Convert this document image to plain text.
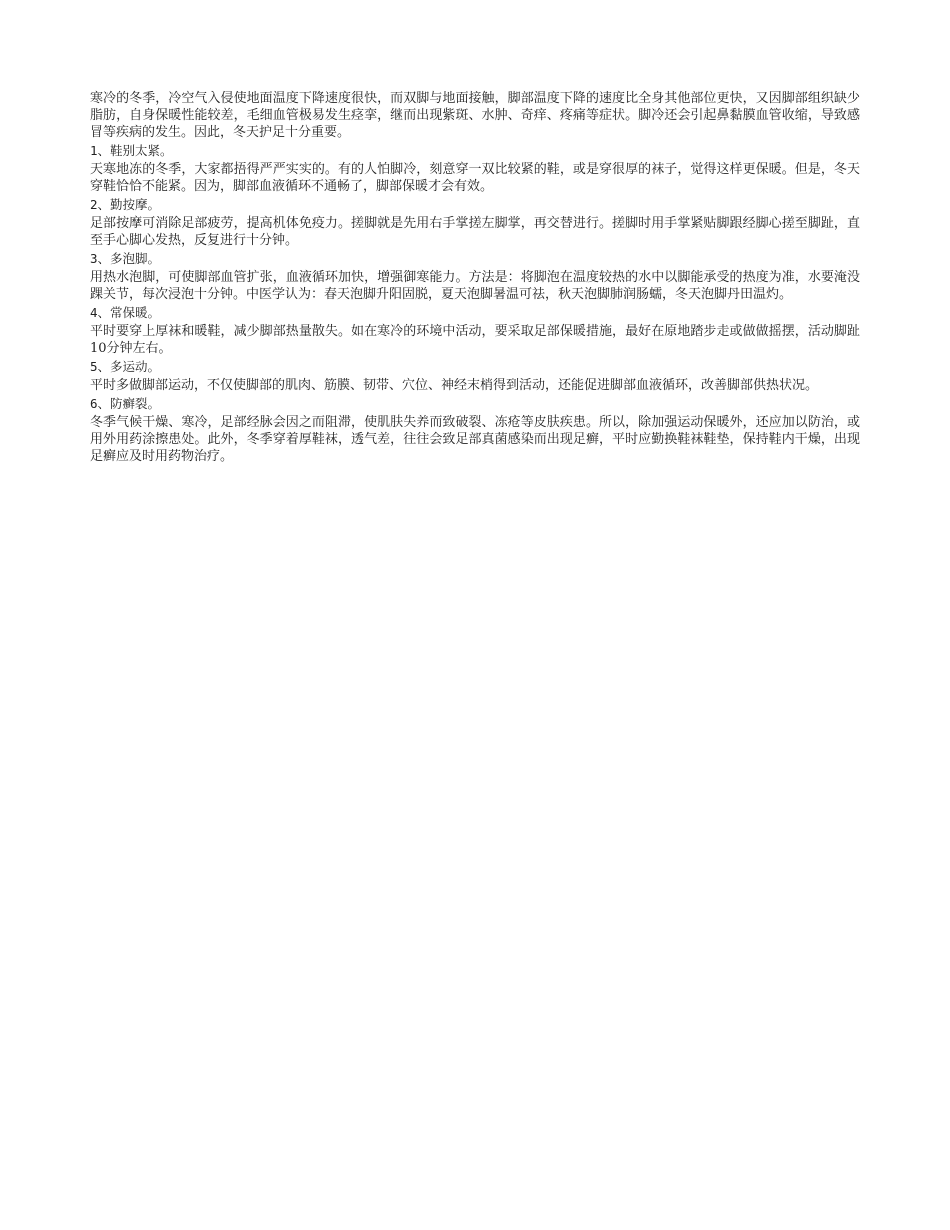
寒冷的冬季，冷空气入侵使地面温度下降速度很快，而双脚与地面接触，脚部温度下降的速度比全身其他部位更快，又因脚部组织缺少脂肪，自身保暖性能较差，毛细血管极易发生痉挛，继而出现紫斑、水肿、奇痒、疼痛等症状。脚冷还会引起鼻黏膜血管收缩，导致感冒等疾病的发生。因此，冬天护足十分重要。

1、鞋别太紧。

天寒地冻的冬季，大家都捂得严严实实的。有的人怕脚冷，刻意穿一双比较紧的鞋，或是穿很厚的袜子，觉得这样更保暖。但是，冬天穿鞋恰恰不能紧。因为，脚部血液循环不通畅了，脚部保暖才会有效。

2、勤按摩。

足部按摩可消除足部疲劳，提高机体免疫力。搓脚就是先用右手掌搓左脚掌，再交替进行。搓脚时用手掌紧贴脚跟经脚心搓至脚趾，直至手心脚心发热，反复进行十分钟。

3、多泡脚。

用热水泡脚，可使脚部血管扩张，血液循环加快，增强御寒能力。方法是：将脚泡在温度较热的水中以脚能承受的热度为准，水要淹没踝关节，每次浸泡十分钟。中医学认为：春天泡脚升阳固脱，夏天泡脚暑温可祛，秋天泡脚肺润肠蠕，冬天泡脚丹田温灼。

4、常保暖。

平时要穿上厚袜和暖鞋，减少脚部热量散失。如在寒冷的环境中活动，要采取足部保暖措施，最好在原地踏步走或做做摇摆，活动脚趾10分钟左右。

5、多运动。

平时多做脚部运动，不仅使脚部的肌肉、筋膜、韧带、穴位、神经末梢得到活动，还能促进脚部血液循环，改善脚部供热状况。

6、防癣裂。

冬季气候干燥、寒冷，足部经脉会因之而阻滞，使肌肤失养而致破裂、冻疮等皮肤疾患。所以，除加强运动保暖外，还应加以防治，或用外用药涂擦患处。此外，冬季穿着厚鞋袜，透气差，往往会致足部真菌感染而出现足癣，平时应勤换鞋袜鞋垫，保持鞋内干燥，出现足癣应及时用药物治疗。
